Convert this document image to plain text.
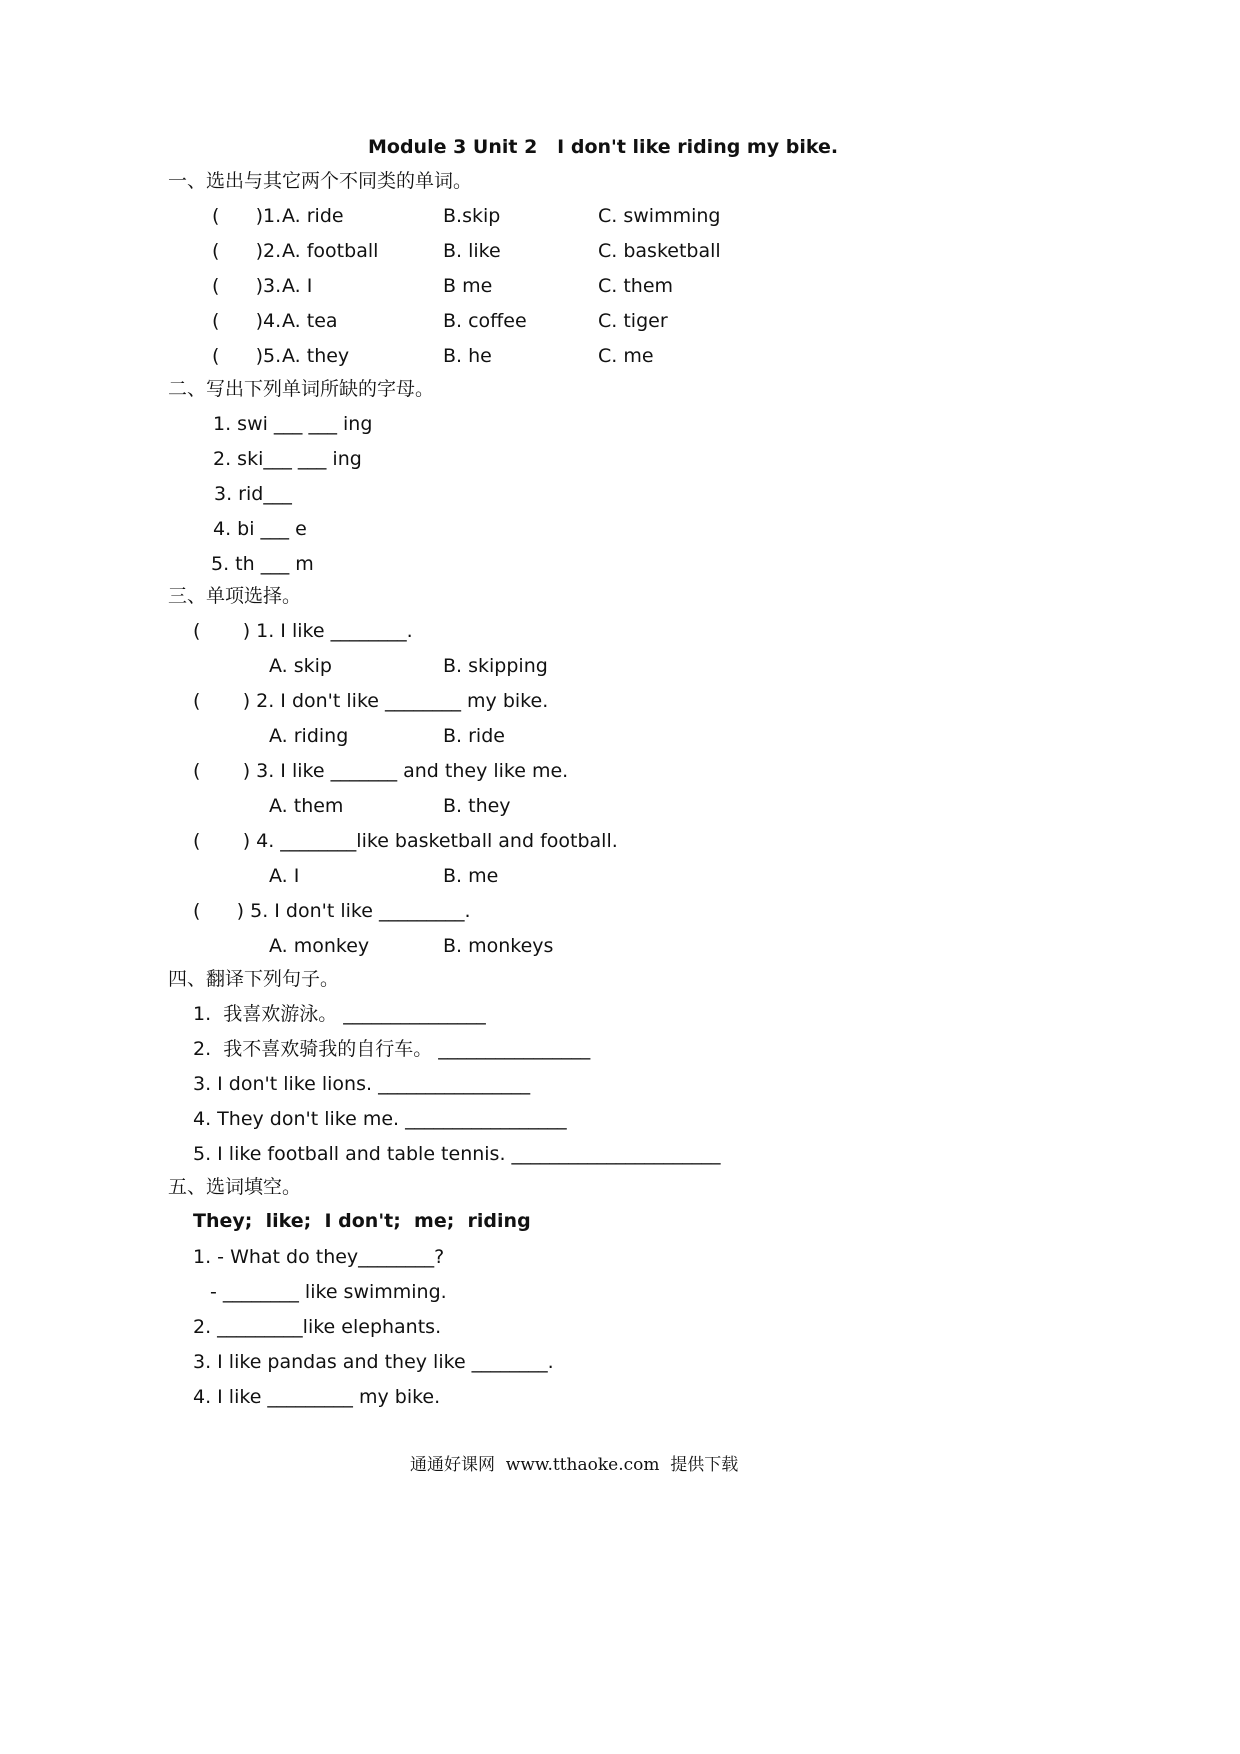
Module 3 Unit 2   I don't like riding my bike.
一、选出与其它两个不同类的单词。
(      ) 1. A. ride	B.skip	C. swimming
(      ) 2. A. football	B. like	C. basketball
(      ) 3. A. I	B me	C. them
(      ) 4. A. tea	B. coffee	C. tiger
(      ) 5. A. they	B. he	C. me
二、写出下列单词所缺的字母。
1. swi ___ ___ ing
2. ski___ ___ ing
3. rid___
4. bi ___ e
5. th ___ m
三、单项选择。
(       ) 1. I like ________.
A. skip	B. skipping
(       ) 2. I don't like ________ my bike.
A. riding	B. ride
(       ) 3. I like _______ and they like me.
A. them	B. they
(       ) 4. ________like basketball and football.
A. I	B. me
(      ) 5. I don't like _________.
A. monkey	B. monkeys
四、翻译下列句子。
1.  我喜欢游泳。 _______________
2.  我不喜欢骑我的自行车。 ________________
3. I don't like lions. ________________
4. They don't like me. _________________
5. I like football and table tennis. ______________________
五、选词填空。
They;  like;  I don't;  me;  riding
1. - What do they________?
- ________ like swimming.
2. _________like elephants.
3. I like pandas and they like ________.
4. I like _________ my bike.
通通好课网  www.tthaoke.com  提供下载
